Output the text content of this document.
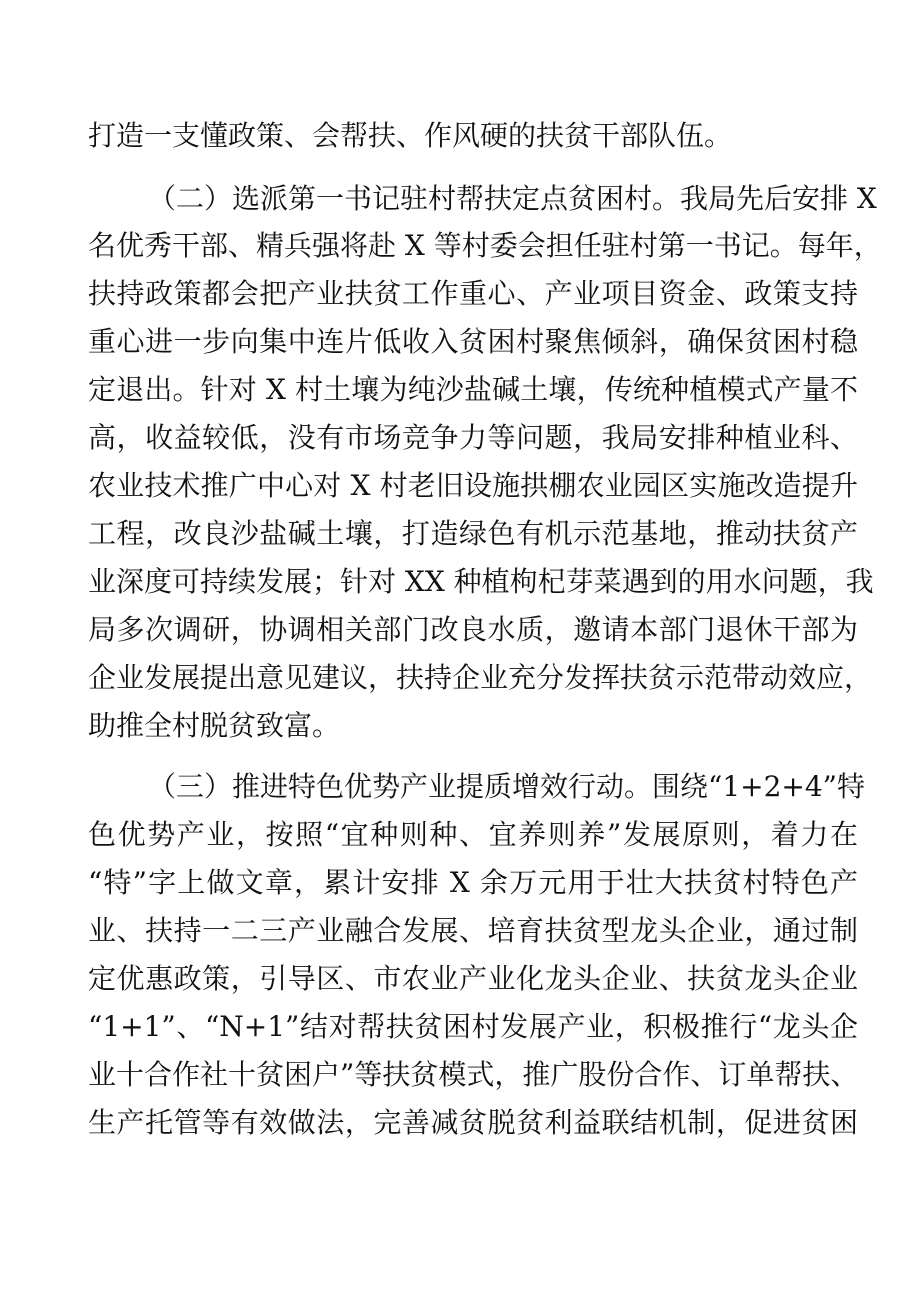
打造一支懂政策、会帮扶、作风硬的扶贫干部队伍。
（二）选派第一书记驻村帮扶定点贫困村。我局先后安排 X
名优秀干部、精兵强将赴 X 等村委会担任驻村第一书记。每年，
扶持政策都会把产业扶贫工作重心、产业项目资金、政策支持
重心进一步向集中连片低收入贫困村聚焦倾斜，确保贫困村稳
定退出。针对 X 村土壤为纯沙盐碱土壤，传统种植模式产量不
高，收益较低，没有市场竞争力等问题，我局安排种植业科、
农业技术推广中心对 X 村老旧设施拱棚农业园区实施改造提升
工程，改良沙盐碱土壤，打造绿色有机示范基地，推动扶贫产
业深度可持续发展；针对 XX 种植枸杞芽菜遇到的用水问题，我
局多次调研，协调相关部门改良水质，邀请本部门退休干部为
企业发展提出意见建议，扶持企业充分发挥扶贫示范带动效应，
助推全村脱贫致富。
（三）推进特色优势产业提质增效行动。围绕“1+2+4”特
色优势产业，按照“宜种则种、宜养则养”发展原则，着力在
“特”字上做文章，累计安排 X 余万元用于壮大扶贫村特色产
业、扶持一二三产业融合发展、培育扶贫型龙头企业，通过制
定优惠政策，引导区、市农业产业化龙头企业、扶贫龙头企业
“1+1”、“N+1”结对帮扶贫困村发展产业，积极推行“龙头企
业十合作社十贫困户”等扶贫模式，推广股份合作、订单帮扶、
生产托管等有效做法，完善减贫脱贫利益联结机制，促进贫困
